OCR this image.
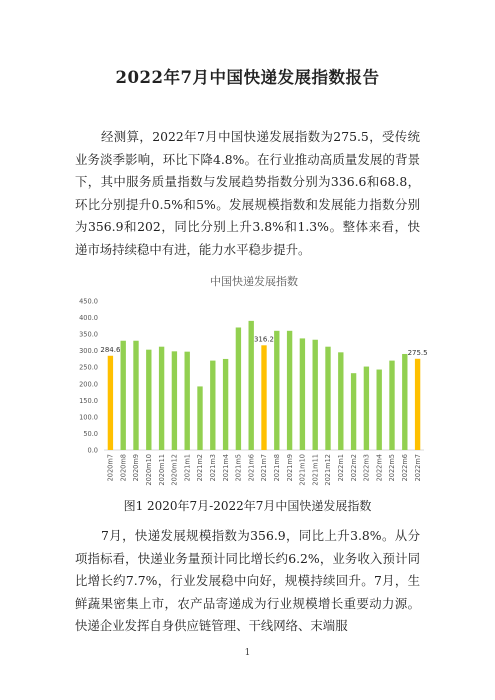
2022年7月中国快递发展指数报告

经测算，2022年7月中国快递发展指数为275.5，受传统业务淡季影响，环比下降4.8%。在行业推动高质量发展的背景下，其中服务质量指数与发展趋势指数分别为336.6和68.8，环比分别提升0.5%和5%。发展规模指数和发展能力指数分别为356.9和202，同比分别上升3.8%和1.3%。整体来看，快递市场持续稳中有进，能力水平稳步提升。

中国快递发展指数
0.0
50.0
100.0
150.0
200.0
250.0
300.0
350.0
400.0
450.0
2020m7 2020m8 2020m9 2020m10 2020m11 2020m12 2021m1 2021m2 2021m3 2021m4 2021m5 2021m6 2021m7 2021m8 2021m9 2021m10 2021m11 2021m12 2022m1 2022m2 2022m3 2022m4 2022m5 2022m6 2022m7
284.6
316.2
275.5
图1 2020年7月-2022年7月中国快递发展指数

7月，快递发展规模指数为356.9，同比上升3.8%。从分项指标看，快递业务量预计同比增长约6.2%，业务收入预计同比增长约7.7%，行业发展稳中向好，规模持续回升。7月，生鲜蔬果密集上市，农产品寄递成为行业规模增长重要动力源。快递企业发挥自身供应链管理、干线网络、末端服

1
